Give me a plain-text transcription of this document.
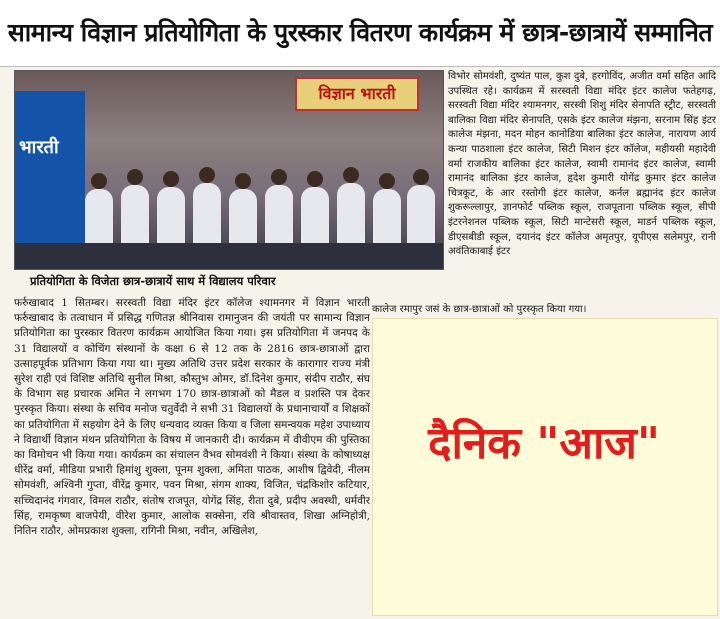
सामान्य विज्ञान प्रतियोगिता के पुरस्कार वितरण कार्यक्रम में छात्र-छात्रायें सम्मानित
भारती
विज्ञान भारती
प्रतियोगिता के विजेता छात्र-छात्रायें साथ में विद्यालय परिवार
विभोर सोमवंशी, दुष्यंत पाल, कुश दुबे, हरगोविंद, अजीत वर्मा सहित आदि उपस्थित रहे। कार्यक्रम में सरस्वती विद्या मंदिर इंटर कालेज फतेहगढ़, सरस्वती विद्या मंदिर श्यामनगर, सरस्वी शिशु मंदिर सेनापति स्ट्रीट, सरस्वती बालिका विद्या मंदिर सेनापति, एसके इंटर कालेज मंझना, सरनाम सिंह इंटर कालेज मंझना, मदन मोहन कानोडिया बालिका इंटर कालेज, नारायण आर्य कन्या पाठशाला इंटर कालेज, सिटी मिशन इंटर कॉलेज, महीयसी महादेवी वर्मा राजकीय बालिका इंटर कालेज, स्वामी रामानंद इंटर कालेज, स्वामी रामानंद बालिका इंटर कालेज, हृदेश कुमारी योगेंद्र कुमार इंटर कालेज चित्रकूट, के आर रस्तोगी इंटर कालेज, कर्नल ब्रह्मानंद इंटर कालेज शुकरूल्लापुर, ज्ञानफोर्ट पब्लिक स्कूल, राजपूताना पब्लिक स्कूल, सीपी इंटरनेशनल पब्लिक स्कूल, सिटी मान्टेसरी स्कूल, माडर्न पब्लिक स्कूल, डीएसबीडी स्कूल, दयानंद इंटर कॉलेज अमृतपुर, यूपीएस सलेमपुर, रानी अवंतिकाबाई इंटर
कालेज रमापुर जसं के छात्र-छात्राओं को पुरस्कृत किया गया।
फर्रुखाबाद 1 सितम्बर। सरस्वती विद्या मंदिर इंटर कॉलेज श्यामनगर में विज्ञान भारती फर्रुखाबाद के तत्वाधान में प्रसिद्ध गणितज्ञ श्रीनिवास रामानुजन की जयंती पर सामान्य विज्ञान प्रतियोगिता का पुरस्कार वितरण कार्यक्रम आयोजित किया गया। इस प्रतियोगिता में जनपद के 31 विद्यालयों व कोचिंग संस्थानों के कक्षा 6 से 12 तक के 2816 छात्र-छात्राओं द्वारा उत्साहपूर्वक प्रतिभाग किया गया था। मुख्य अतिथि उत्तर प्रदेश सरकार के कारागार राज्य मंत्री सुरेश राही एवं विशिष्ट अतिथि सुनील मिश्रा, कौस्तुभ ओमर, डॉ.दिनेश कुमार, संदीप राठौर, संघ के विभाग सह प्रचारक अमित ने लगभग 170 छात्र-छात्राओं को मैडल व प्रशस्ति पत्र देकर पुरस्कृत किया। संस्था के सचिव मनोज चतुर्वेदी ने सभी 31 विद्यालयों के प्रधानाचार्यों व शिक्षकों का प्रतियोगिता में सहयोग देने के लिए धन्यवाद व्यक्त किया व जिला समन्वयक महेश उपाध्याय ने विद्यार्थी विज्ञान मंथन प्रतियोगिता के विषय में जानकारी दी। कार्यक्रम में वीवीएम की पुस्तिका का विमोचन भी किया गया। कार्यक्रम का संचालन वैभव सोमवंशी ने किया। संस्था के कोषाध्यक्ष धीरेंद्र वर्मा, मीडिया प्रभारी हिमांशु शुक्ला, पूनम शुक्ला, अमिता पाठक, आशीष द्विवेदी, नीलम सोमवंशी, अश्विनी गुप्ता, वीरेंद्र कुमार, पवन मिश्रा, संगम शाक्य, विजित, चंद्रकिशोर कटियार, सच्चिदानंद गंगवार, विमल राठौर, संतोष राजपूत, योगेंद्र सिंह, रीता दुबे, प्रदीप अवस्थी, धर्मवीर सिंह, रामकृष्ण बाजपेयी, वीरेश कुमार, आलोक सक्सेना, रवि श्रीवास्तव, शिखा अग्निहोत्री, नितिन राठौर, ओमप्रकाश शुक्ला, रागिनी मिश्रा, नवीन, अखिलेश,
दैनिक "आज"
